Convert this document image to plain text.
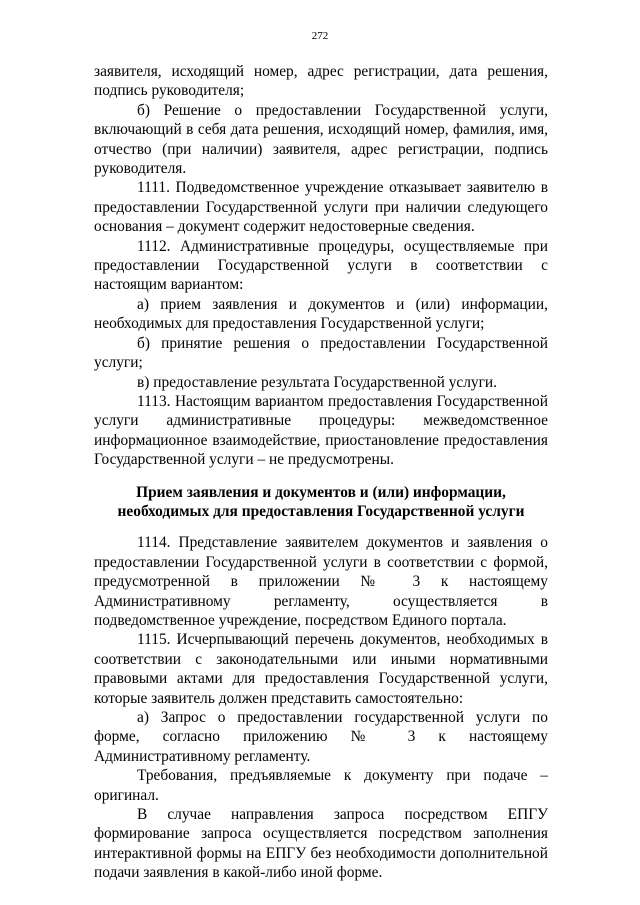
272

заявителя, исходящий номер, адрес регистрации, дата решения, подпись руководителя;

б) Решение о предоставлении Государственной услуги, включающий в себя дата решения, исходящий номер, фамилия, имя, отчество (при наличии) заявителя, адрес регистрации, подпись руководителя.

1111. Подведомственное учреждение отказывает заявителю в предоставлении Государственной услуги при наличии следующего основания – документ содержит недостоверные сведения.

1112. Административные процедуры, осуществляемые при предоставлении Государственной услуги в соответствии с настоящим вариантом:

а) прием заявления и документов и (или) информации, необходимых для предоставления Государственной услуги;

б) принятие решения о предоставлении Государственной услуги;

в) предоставление результата Государственной услуги.

1113. Настоящим вариантом предоставления Государственной услуги административные процедуры: межведомственное информационное взаимодействие, приостановление предоставления Государственной услуги – не предусмотрены.

Прием заявления и документов и (или) информации, необходимых для предоставления Государственной услуги

1114. Представление заявителем документов и заявления о предоставлении Государственной услуги в соответствии с формой, предусмотренной в приложении № 3 к настоящему Административному регламенту, осуществляется в подведомственное учреждение, посредством Единого портала.

1115. Исчерпывающий перечень документов, необходимых в соответствии с законодательными или иными нормативными правовыми актами для предоставления Государственной услуги, которые заявитель должен представить самостоятельно:

а) Запрос о предоставлении государственной услуги по форме, согласно приложению № 3 к настоящему Административному регламенту.

Требования, предъявляемые к документу при подаче – оригинал.

В случае направления запроса посредством ЕПГУ формирование запроса осуществляется посредством заполнения интерактивной формы на ЕПГУ без необходимости дополнительной подачи заявления в какой-либо иной форме.
